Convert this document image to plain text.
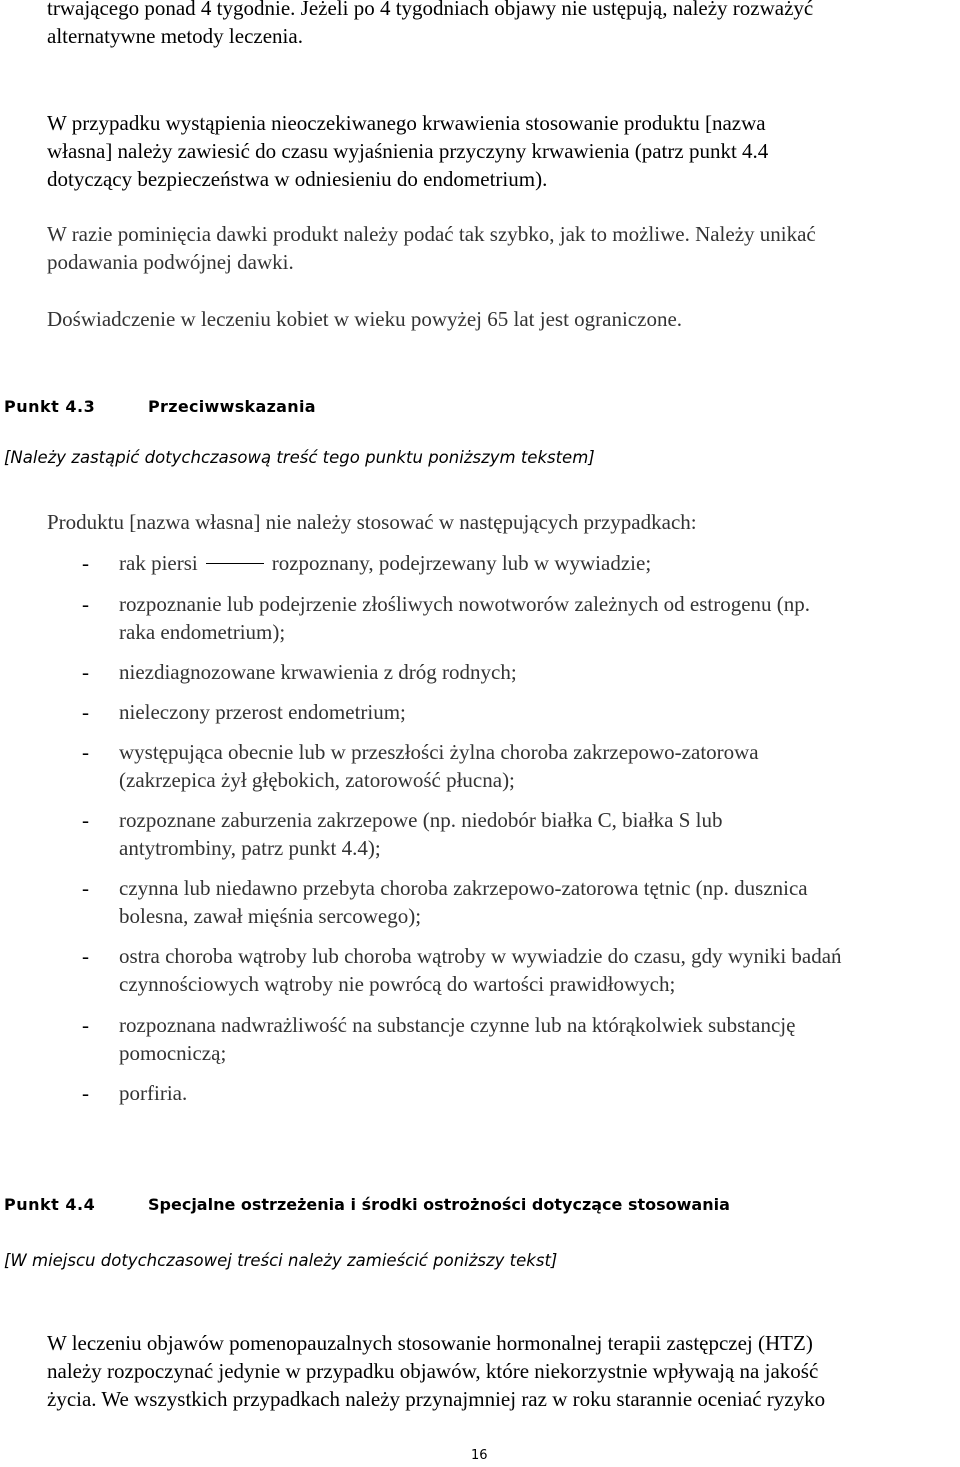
trwającego ponad 4 tygodnie. Jeżeli po 4 tygodniach objawy nie ustępują, należy rozważyć
alternatywne metody leczenia.
W przypadku wystąpienia nieoczekiwanego krwawienia stosowanie produktu [nazwa
własna] należy zawiesić do czasu wyjaśnienia przyczyny krwawienia (patrz punkt 4.4
dotyczący bezpieczeństwa w odniesieniu do endometrium).
W razie pominięcia dawki produkt należy podać tak szybko, jak to możliwe. Należy unikać
podawania podwójnej dawki.
Doświadczenie w leczeniu kobiet w wieku powyżej 65 lat jest ograniczone.
Punkt 4.3	Przeciwwskazania
[Należy zastąpić dotychczasową treść tego punktu poniższym tekstem]
Produktu [nazwa własna] nie należy stosować w następujących przypadkach:
- rak piersi	rozpoznany, podejrzewany lub w wywiadzie;
- rozpoznanie lub podejrzenie złośliwych nowotworów zależnych od estrogenu (np.
raka endometrium);
- niezdiagnozowane krwawienia z dróg rodnych;
- nieleczony przerost endometrium;
- występująca obecnie lub w przeszłości żylna choroba zakrzepowo-zatorowa
(zakrzepica żył głębokich, zatorowość płucna);
- rozpoznane zaburzenia zakrzepowe (np. niedobór białka C, białka S lub
antytrombiny, patrz punkt 4.4);
- czynna lub niedawno przebyta choroba zakrzepowo-zatorowa tętnic (np. dusznica
bolesna, zawał mięśnia sercowego);
- ostra choroba wątroby lub choroba wątroby w wywiadzie do czasu, gdy wyniki badań
czynnościowych wątroby nie powrócą do wartości prawidłowych;
- rozpoznana nadwrażliwość na substancje czynne lub na którąkolwiek substancję
pomocniczą;
- porfiria.
Punkt 4.4	Specjalne ostrzeżenia i środki ostrożności dotyczące stosowania
[W miejscu dotychczasowej treści należy zamieścić poniższy tekst]
W leczeniu objawów pomenopauzalnych stosowanie hormonalnej terapii zastępczej (HTZ)
należy rozpoczynać jedynie w przypadku objawów, które niekorzystnie wpływają na jakość
życia. We wszystkich przypadkach należy przynajmniej raz w roku starannie oceniać ryzyko
16
